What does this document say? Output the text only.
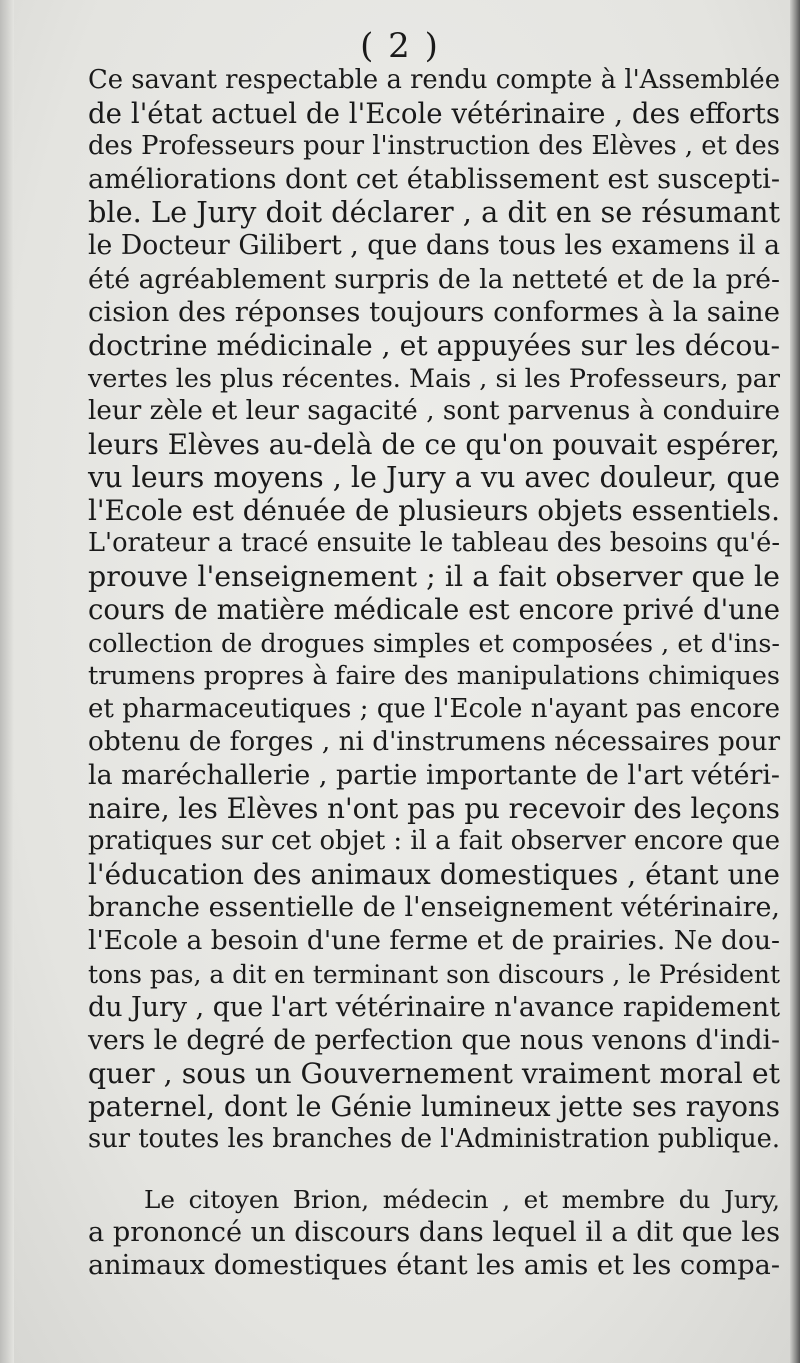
( 2 )
Ce savant respectable a rendu compte à l'Assemblée
de l'état actuel de l'Ecole vétérinaire , des efforts
des Professeurs pour l'instruction des Elèves , et des
améliorations dont cet établissement est suscepti-
ble. Le Jury doit déclarer , a dit en se résumant
le Docteur Gilibert , que dans tous les examens il a
été agréablement surpris de la netteté et de la pré-
cision des réponses toujours conformes à la saine
doctrine médicinale , et appuyées sur les décou-
vertes les plus récentes. Mais , si les Professeurs, par
leur zèle et leur sagacité , sont parvenus à conduire
leurs Elèves au-delà de ce qu'on pouvait espérer,
vu leurs moyens , le Jury a vu avec douleur, que
l'Ecole est dénuée de plusieurs objets essentiels.
L'orateur a tracé ensuite le tableau des besoins qu'é-
prouve l'enseignement ; il a fait observer que le
cours de matière médicale est encore privé d'une
collection de drogues simples et composées , et d'ins-
trumens propres à faire des manipulations chimiques
et pharmaceutiques ; que l'Ecole n'ayant pas encore
obtenu de forges , ni d'instrumens nécessaires pour
la maréchallerie , partie importante de l'art vétéri-
naire, les Elèves n'ont pas pu recevoir des leçons
pratiques sur cet objet : il a fait observer encore que
l'éducation des animaux domestiques , étant une
branche essentielle de l'enseignement vétérinaire,
l'Ecole a besoin d'une ferme et de prairies. Ne dou-
tons pas, a dit en terminant son discours , le Président
du Jury , que l'art vétérinaire n'avance rapidement
vers le degré de perfection que nous venons d'indi-
quer , sous un Gouvernement vraiment moral et
paternel, dont le Génie lumineux jette ses rayons
sur toutes les branches de l'Administration publique.
Le citoyen Brion, médecin , et membre du Jury,
a prononcé un discours dans lequel il a dit que les
animaux domestiques étant les amis et les compa-
